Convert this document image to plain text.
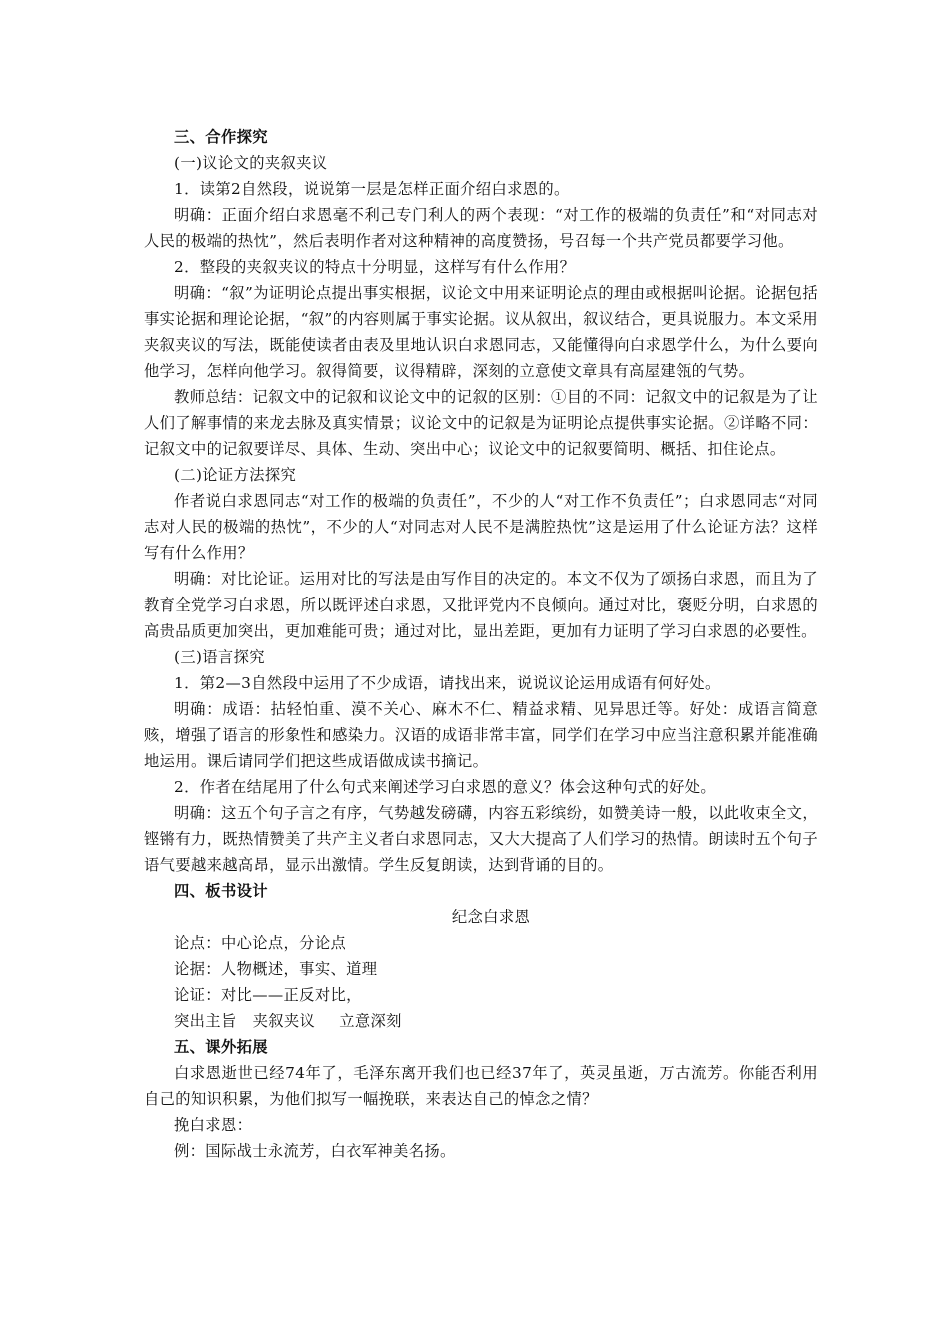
三、合作探究

(一)议论文的夹叙夹议

1．读第2自然段，说说第一层是怎样正面介绍白求恩的。

明确：正面介绍白求恩毫不利己专门利人的两个表现：“对工作的极端的负责任”和“对同志对人民的极端的热忱”，然后表明作者对这种精神的高度赞扬，号召每一个共产党员都要学习他。

2．整段的夹叙夹议的特点十分明显，这样写有什么作用？

明确：“叙”为证明论点提出事实根据，议论文中用来证明论点的理由或根据叫论据。论据包括事实论据和理论论据，“叙”的内容则属于事实论据。议从叙出，叙议结合，更具说服力。本文采用夹叙夹议的写法，既能使读者由表及里地认识白求恩同志，又能懂得向白求恩学什么，为什么要向他学习，怎样向他学习。叙得简要，议得精辟，深刻的立意使文章具有高屋建瓴的气势。

教师总结：记叙文中的记叙和议论文中的记叙的区别：①目的不同：记叙文中的记叙是为了让人们了解事情的来龙去脉及真实情景；议论文中的记叙是为证明论点提供事实论据。②详略不同：记叙文中的记叙要详尽、具体、生动、突出中心；议论文中的记叙要简明、概括、扣住论点。

(二)论证方法探究

作者说白求恩同志“对工作的极端的负责任”，不少的人“对工作不负责任”；白求恩同志“对同志对人民的极端的热忱”，不少的人“对同志对人民不是满腔热忱”这是运用了什么论证方法？这样写有什么作用？

明确：对比论证。运用对比的写法是由写作目的决定的。本文不仅为了颂扬白求恩，而且为了教育全党学习白求恩，所以既评述白求恩，又批评党内不良倾向。通过对比，褒贬分明，白求恩的高贵品质更加突出，更加难能可贵；通过对比，显出差距，更加有力证明了学习白求恩的必要性。

(三)语言探究

1．第2—3自然段中运用了不少成语，请找出来，说说议论运用成语有何好处。

明确：成语：拈轻怕重、漠不关心、麻木不仁、精益求精、见异思迁等。好处：成语言简意赅，增强了语言的形象性和感染力。汉语的成语非常丰富，同学们在学习中应当注意积累并能准确地运用。课后请同学们把这些成语做成读书摘记。

2．作者在结尾用了什么句式来阐述学习白求恩的意义？体会这种句式的好处。

明确：这五个句子言之有序，气势越发磅礴，内容五彩缤纷，如赞美诗一般，以此收束全文，铿锵有力，既热情赞美了共产主义者白求恩同志，又大大提高了人们学习的热情。朗读时五个句子语气要越来越高昂，显示出激情。学生反复朗读，达到背诵的目的。

四、板书设计

纪念白求恩

论点：中心论点，分论点

论据：人物概述，事实、道理

论证：对比——正反对比，

突出主旨 夹叙夹议 立意深刻

五、课外拓展

白求恩逝世已经74年了，毛泽东离开我们也已经37年了，英灵虽逝，万古流芳。你能否利用自己的知识积累，为他们拟写一幅挽联，来表达自己的悼念之情？

挽白求恩：

例：国际战士永流芳，白衣军神美名扬。
